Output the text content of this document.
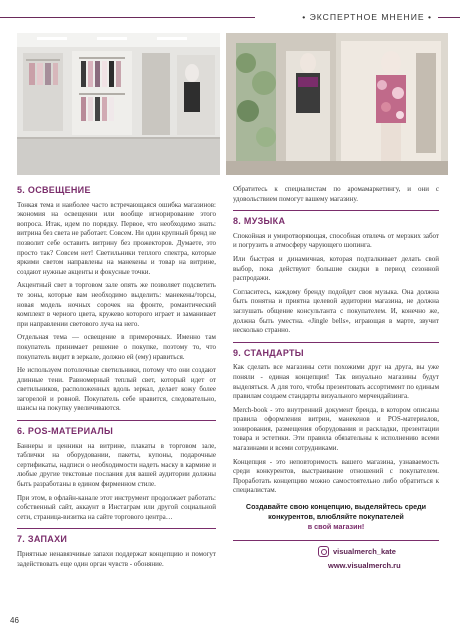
• ЭКСПЕРТНОЕ МНЕНИЕ •
5. ОСВЕЩЕНИЕ

Тонкая тема и наиболее часто встречающаяся ошибка магазинов: экономия на освещении или вообще игнорирование этого вопроса. Итак, идем по порядку. Первое, что необходимо знать: витрина без света не работает. Совсем. Ни один крупный бренд не позволит себе оставить витрину без прожекторов. Думаете, это просто так? Совсем нет! Светильники теплого спектра, которые яркими светом направлены на манекены и товар на витрине, создают нужные акценты и фокусные точки.

Акцентный свет в торговом зале опять же позволяет подсветить те зоны, которые вам необходимо выделить: манекены/торсы, новая модель ночных сорочек на фронте, романтический комплект в черного цвета, кружево которого играет и заманивает при направлении светового луча на него.

Отдельная тема — освещение в примерочных. Именно там покупатель принимает решение о покупке, поэтому то, что покупатель видит в зеркале, должно ей (ему) нравиться.

Не используем потолочные светильники, потому что они создают длинные тени. Равномерный теплый свет, который идет от светильников, расположенных вдоль зеркал, делает кожу более загорелой и ровной. Покупатель себе нравится, следовательно, шансы на покупку увеличиваются.

6. POS-МАТЕРИАЛЫ

Баннеры и ценники на витрине, плакаты в торговом зале, таблички на оборудовании, пакеты, купоны, подарочные сертификаты, надписи о необходимости надеть маску в кармине и любые другие текстовые послания для вашей аудитории должны быть разработаны в едином фирменном стиле.

При этом, в офлайн-канале этот инструмент продолжает работать: собственный сайт, аккаунт в Инстаграм или другой социальной сети, страница-визитка на сайте торгового центра…

7. ЗАПАХИ

Приятные ненавязчивые запахи поддержат концепцию и помогут задействовать еще один орган чувств - обоняние.

Обратитесь к специалистам по аромамаркетингу, и они с удовольствием помогут вашему магазину.

8. МУЗЫКА

Спокойная и умиротворяющая, способная отвлечь от мерзких забот и погрузить в атмосферу чарующего шопинга.

Или быстрая и динамичная, которая подталкивает делать свой выбор, пока действуют большие скидки в период сезонной распродажи.

Согласитесь, каждому бренду подойдет своя музыка. Она должна быть понятна и приятна целевой аудитории магазина, не должна заглушать общение консультанта с покупателем. И, конечно же, должна быть уместна. «Jingle bells», играющая в марте, звучит несколько странно.

9. СТАНДАРТЫ

Как сделать все магазины сети похожими друг на друга, вы уже поняли - единая концепция! Так визуально магазины будут выделяться. А для того, чтобы презентовать ассортимент по единым правилам создаем стандарты визуального мерчендайзинга.

Merch-book - это внутренний документ бренда, в котором описаны правила оформления витрин, манекенов и POS-материалов, зонирования, размещения оборудования и раскладки, презентации товара и эстетики. Эти правила обязательны к исполнению всеми магазинами и всеми сотрудниками.

Концепция - это неповторимость вашего магазина, узнаваемость среди конкурентов, выстраивание отношений с покупателем. Проработать концепцию можно самостоятельно либо обратиться к специалистам.

Создавайте свою концепцию, выделяйтесь среди
конкурентов, влюбляйте покупателей
в свой магазин!
visualmerch_kate
www.visualmerch.ru
46
